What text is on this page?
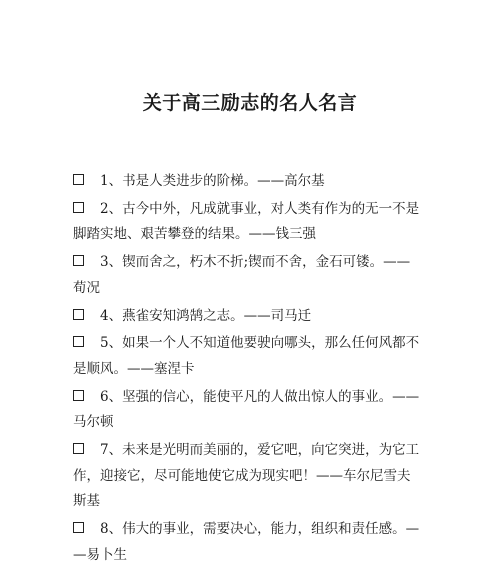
关于高三励志的名人名言
1、书是人类进步的阶梯。——高尔基
2、古今中外，凡成就事业，对人类有作为的无一不是
脚踏实地、艰苦攀登的结果。——钱三强
3、锲而舍之，朽木不折;锲而不舍，金石可镂。——
荀况
4、燕雀安知鸿鹄之志。——司马迁
5、如果一个人不知道他要驶向哪头，那么任何风都不
是顺风。——塞涅卡
6、坚强的信心，能使平凡的人做出惊人的事业。——
马尔顿
7、未来是光明而美丽的，爱它吧，向它突进，为它工
作，迎接它，尽可能地使它成为现实吧！——车尔尼雪夫
斯基
8、伟大的事业，需要决心，能力，组织和责任感。—
—易卜生
